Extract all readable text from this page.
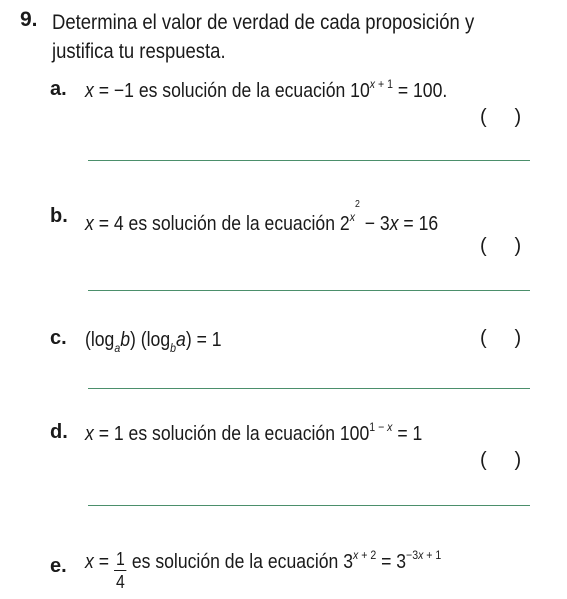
9. Determina el valor de verdad de cada proposición y
justifica tu respuesta.
a. x = −1 es solución de la ecuación $10^{x + 1} = 100$.
(     )
b. x = 4 es solución de la ecuación $2^{x^2} - 3x = 16$
(     )
c. $(\log_ab) (\log_ba) = 1$	(     )
d. x = 1 es solución de la ecuación $100^{1 - x} = 1$
(     )
e. $x = \frac{1}{4}$ es solución de la ecuación $3^{x + 2} = 3^{-3x + 1}$
